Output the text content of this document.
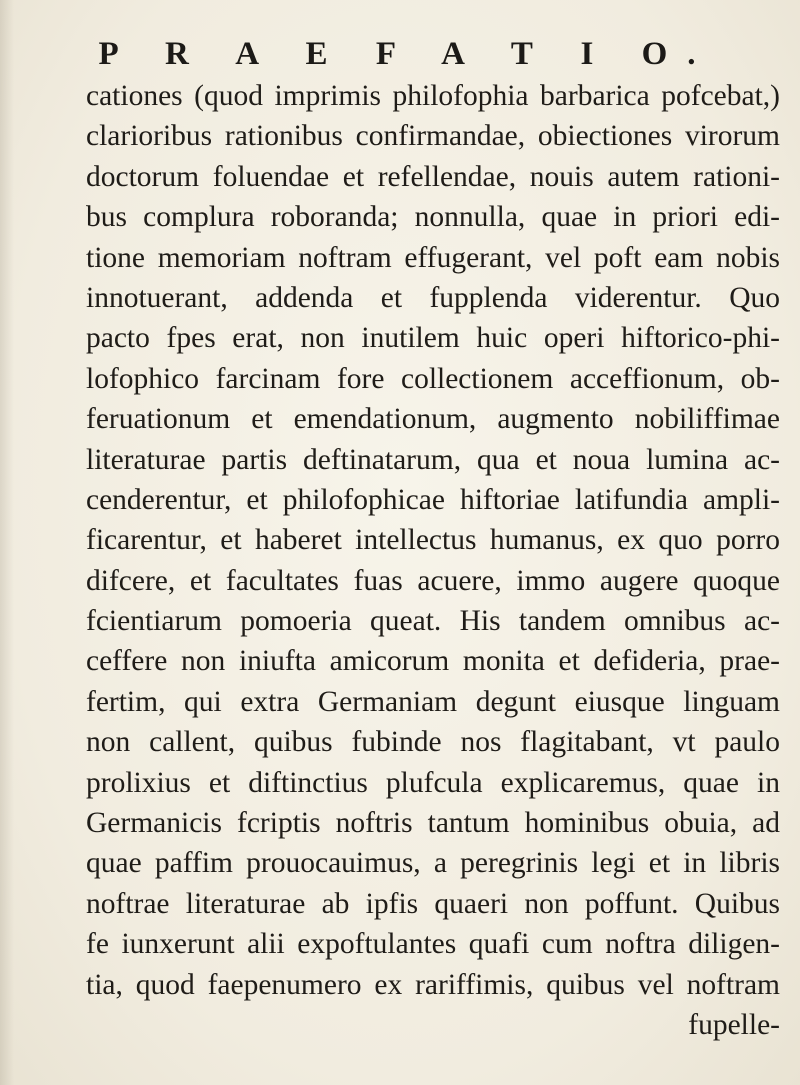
P R A E F A T I O.
cationes (quod imprimis philofophia barbarica pofcebat,)
clarioribus rationibus confirmandae, obiectiones virorum
doctorum foluendae et refellendae, nouis autem rationi-
bus complura roboranda; nonnulla, quae in priori edi-
tione memoriam noftram effugerant, vel poft eam nobis
innotuerant, addenda et fupplenda viderentur. Quo
pacto fpes erat, non inutilem huic operi hiftorico-phi-
lofophico farcinam fore collectionem acceffionum, ob-
feruationum et emendationum, augmento nobiliffimae
literaturae partis deftinatarum, qua et noua lumina ac-
cenderentur, et philofophicae hiftoriae latifundia ampli-
ficarentur, et haberet intellectus humanus, ex quo porro
difcere, et facultates fuas acuere, immo augere quoque
fcientiarum pomoeria queat. His tandem omnibus ac-
ceffere non iniufta amicorum monita et defideria, prae-
fertim, qui extra Germaniam degunt eiusque linguam
non callent, quibus fubinde nos flagitabant, vt paulo
prolixius et diftinctius plufcula explicaremus, quae in
Germanicis fcriptis noftris tantum hominibus obuia, ad
quae paffim prouocauimus, a peregrinis legi et in libris
noftrae literaturae ab ipfis quaeri non poffunt. Quibus
fe iunxerunt alii expoftulantes quafi cum noftra diligen-
tia, quod faepenumero ex rariffimis, quibus vel noftram
fupelle-
